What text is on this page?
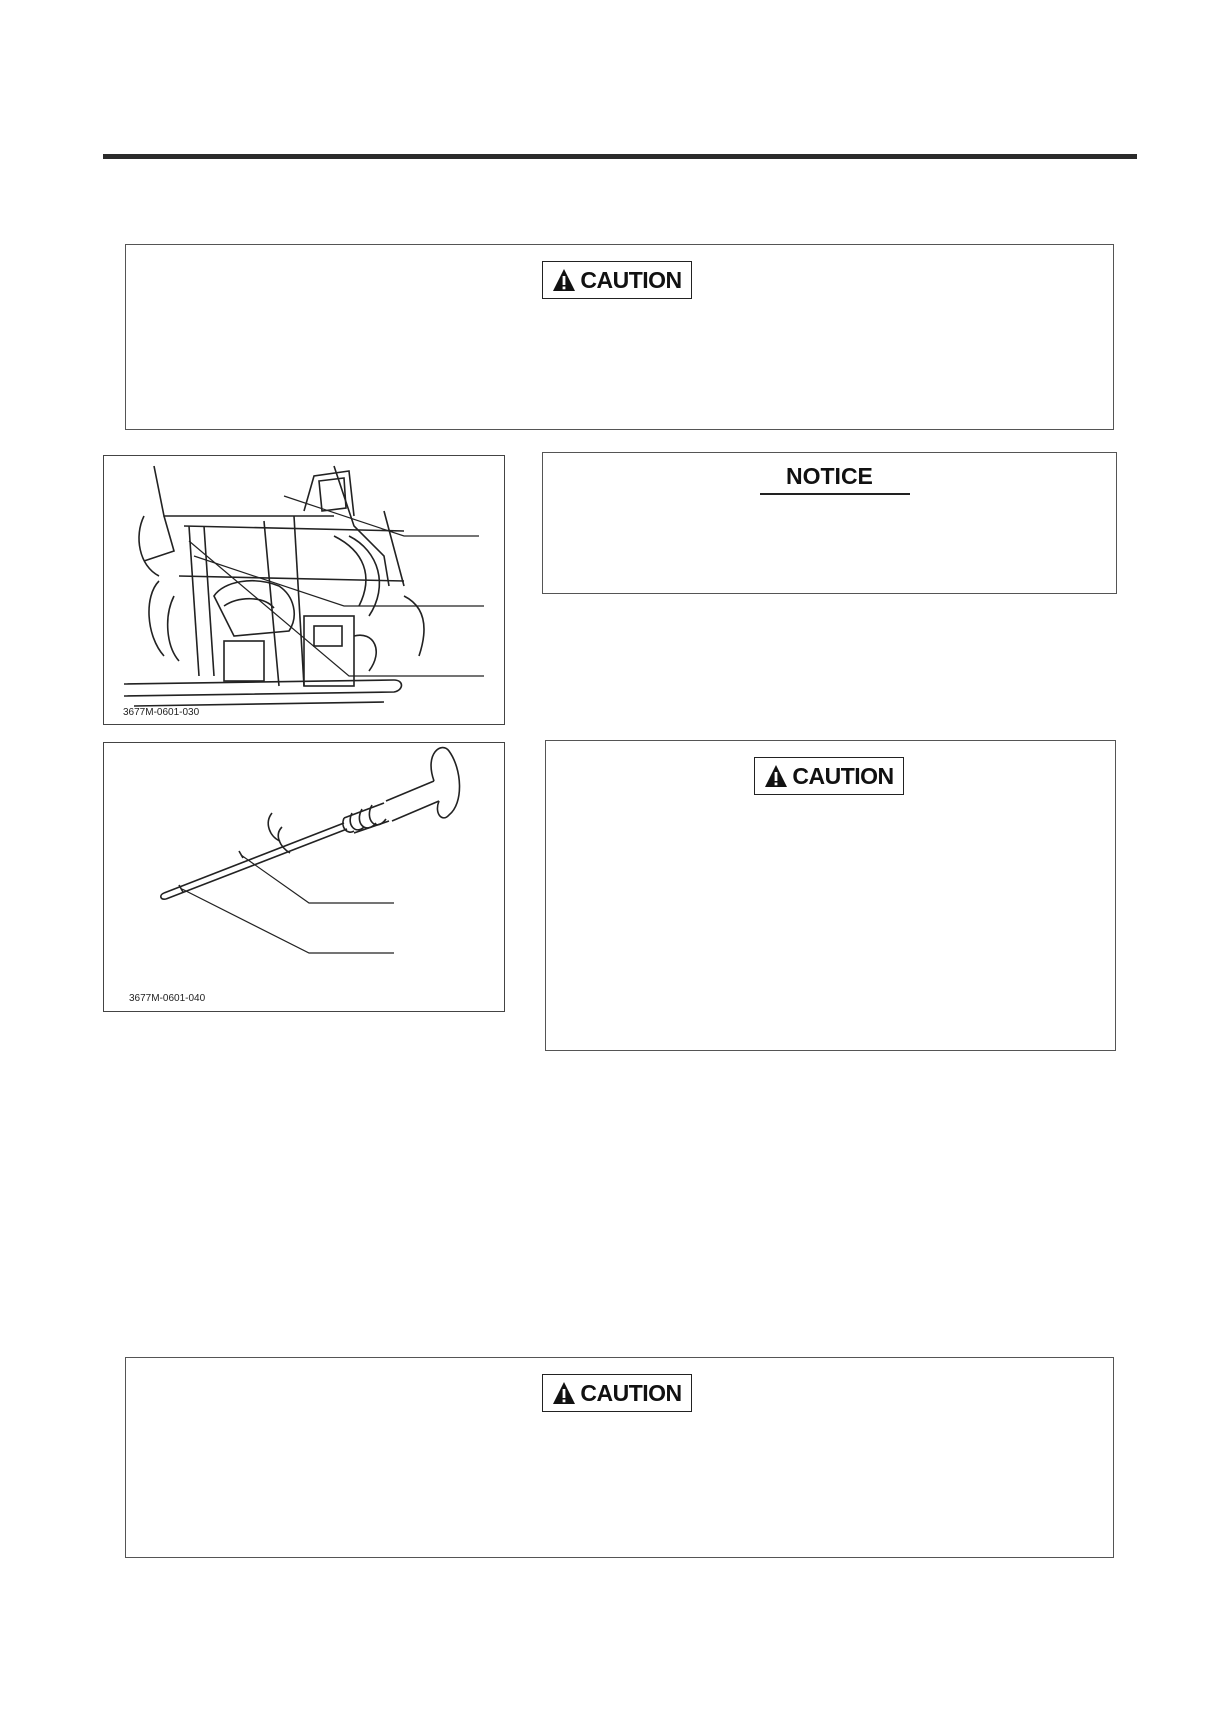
CAUTION
3677M-0601-030
NOTICE
3677M-0601-040
CAUTION
CAUTION
